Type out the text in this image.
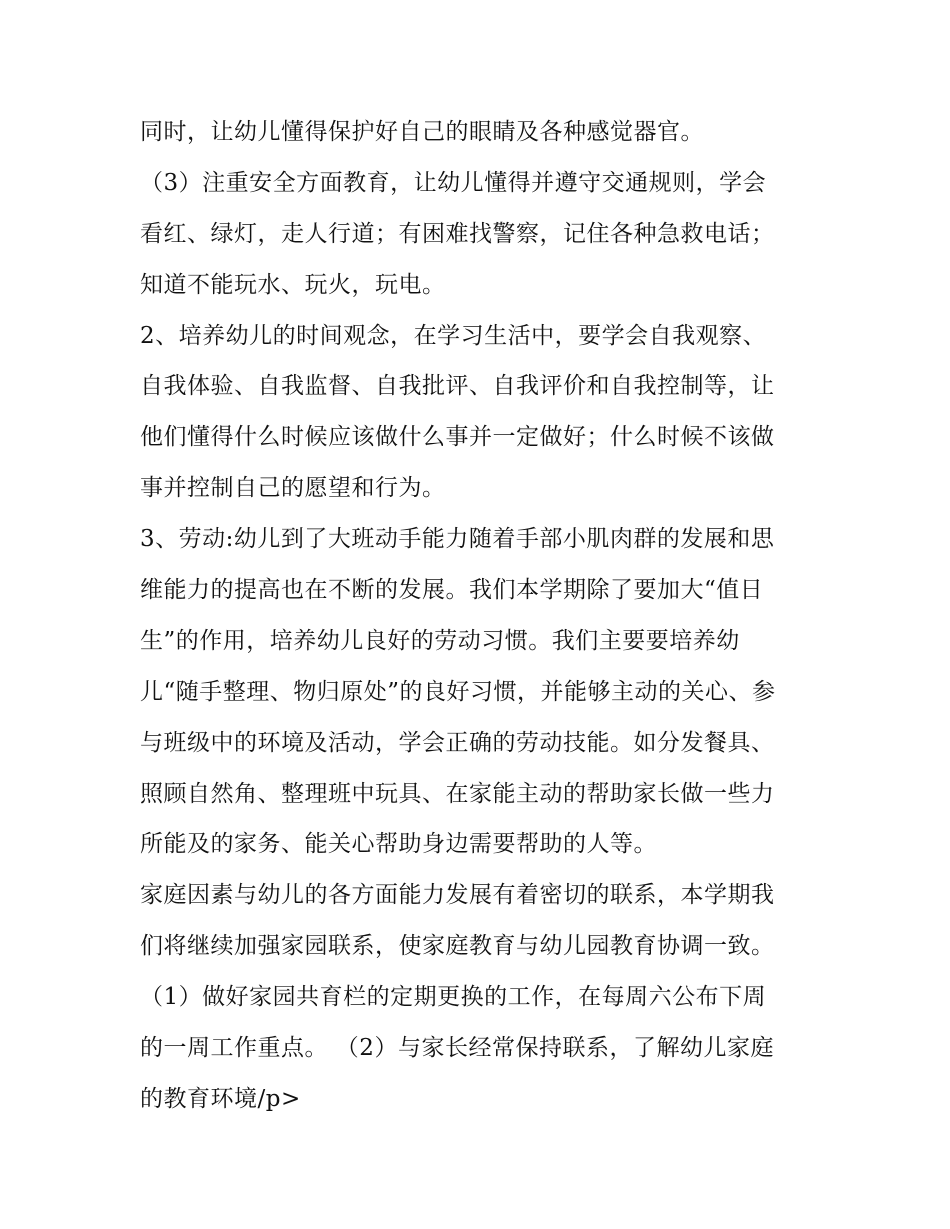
同时，让幼儿懂得保护好自己的眼睛及各种感觉器官。
（3）注重安全方面教育，让幼儿懂得并遵守交通规则，学会
看红、绿灯，走人行道；有困难找警察，记住各种急救电话；
知道不能玩水、玩火，玩电。
2、培养幼儿的时间观念，在学习生活中，要学会自我观察、
自我体验、自我监督、自我批评、自我评价和自我控制等，让
他们懂得什么时候应该做什么事并一定做好；什么时候不该做
事并控制自己的愿望和行为。
3、劳动:幼儿到了大班动手能力随着手部小肌肉群的发展和思
维能力的提高也在不断的发展。我们本学期除了要加大“值日
生”的作用，培养幼儿良好的劳动习惯。我们主要要培养幼
儿“随手整理、物归原处”的良好习惯，并能够主动的关心、参
与班级中的环境及活动，学会正确的劳动技能。如分发餐具、
照顾自然角、整理班中玩具、在家能主动的帮助家长做一些力
所能及的家务、能关心帮助身边需要帮助的人等。
家庭因素与幼儿的各方面能力发展有着密切的联系，本学期我
们将继续加强家园联系，使家庭教育与幼儿园教育协调一致。
（1）做好家园共育栏的定期更换的工作，在每周六公布下周
的一周工作重点。 （2）与家长经常保持联系，了解幼儿家庭
的教育环境/p>
